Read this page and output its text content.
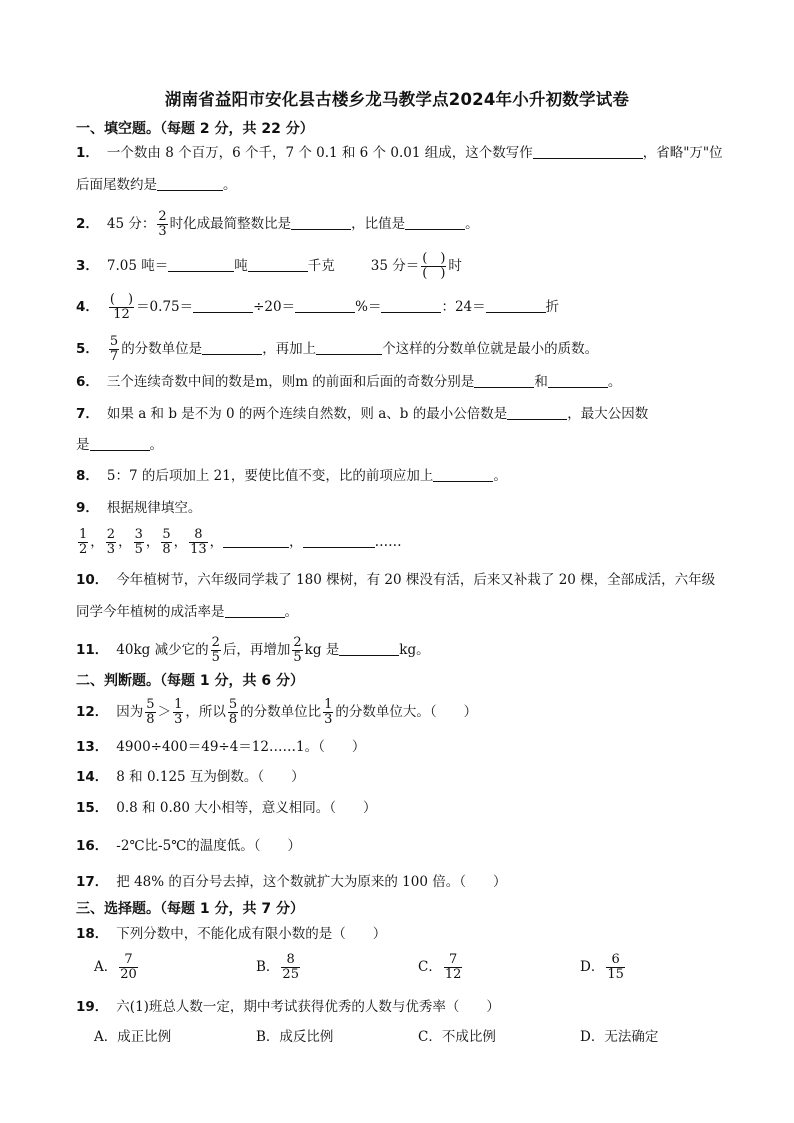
湖南省益阳市安化县古楼乡龙马教学点2024年小升初数学试卷
一、填空题。（每题 2 分，共 22 分）
1． 一个数由 8 个百万，6 个千，7 个 0.1 和 6 个 0.01 组成，这个数写作	，省略"万"位
后面尾数约是	。
2． 45 分： $\frac{2}{3}$ 时化成最简整数比是	，比值是	。
3． 7.05 吨＝	吨	千克	35 分＝ $\frac{( )}{( )}$ 时
4． $\frac{( )}{12} =0.75=$	÷20＝	%＝	：24＝	折
5． $\frac{5}{7}$ 的分数单位是	，再加上	个这样的分数单位就是最小的质数。
6． 三个连续奇数中间的数是m，则m 的前面和后面的奇数分别是	和	。
7． 如果 a 和 b 是不为 0 的两个连续自然数，则 a、b 的最小公倍数是	，最大公因数
是	。
8． 5：7 的后项加上 21，要使比值不变，比的前项应加上	。
9． 根据规律填空。
$\frac{1}{2}$ ， $\frac{2}{3}$ ， $\frac{3}{5}$ ， $\frac{5}{8}$ ， $\frac{8}{13}$ ，	，	……
10． 今年植树节，六年级同学栽了 180 棵树，有 20 棵没有活，后来又补栽了 20 棵，全部成活，六年级
同学今年植树的成活率是	。
11． 40kg 减少它的 $\frac{2}{5}$ 后，再增加 $\frac{2}{5}$ kg 是	kg。
二、判断题。（每题 1 分，共 6 分）
12． 因为 $\frac{5}{8} > \frac{1}{3}$ ，所以 $\frac{5}{8}$ 的分数单位比 $\frac{1}{3}$ 的分数单位大。（　　）
13． 4900÷400＝49÷4＝12……1。（　　）
14． 8 和 0.125 互为倒数。（　　）
15． 0.8 和 0.80 大小相等，意义相同。（　　）
16． -2℃比-5℃的温度低。（　　）
17． 把 48% 的百分号去掉，这个数就扩大为原来的 100 倍。（　　）
三、选择题。（每题 1 分，共 7 分）
18． 下列分数中，不能化成有限小数的是（　　）
A． $\frac{7}{20}$	B． $\frac{8}{25}$	C． $\frac{7}{12}$	D． $\frac{6}{15}$
19． 六(1)班总人数一定，期中考试获得优秀的人数与优秀率（　　）
A．成正比例	B．成反比例	C．不成比例	D．无法确定
